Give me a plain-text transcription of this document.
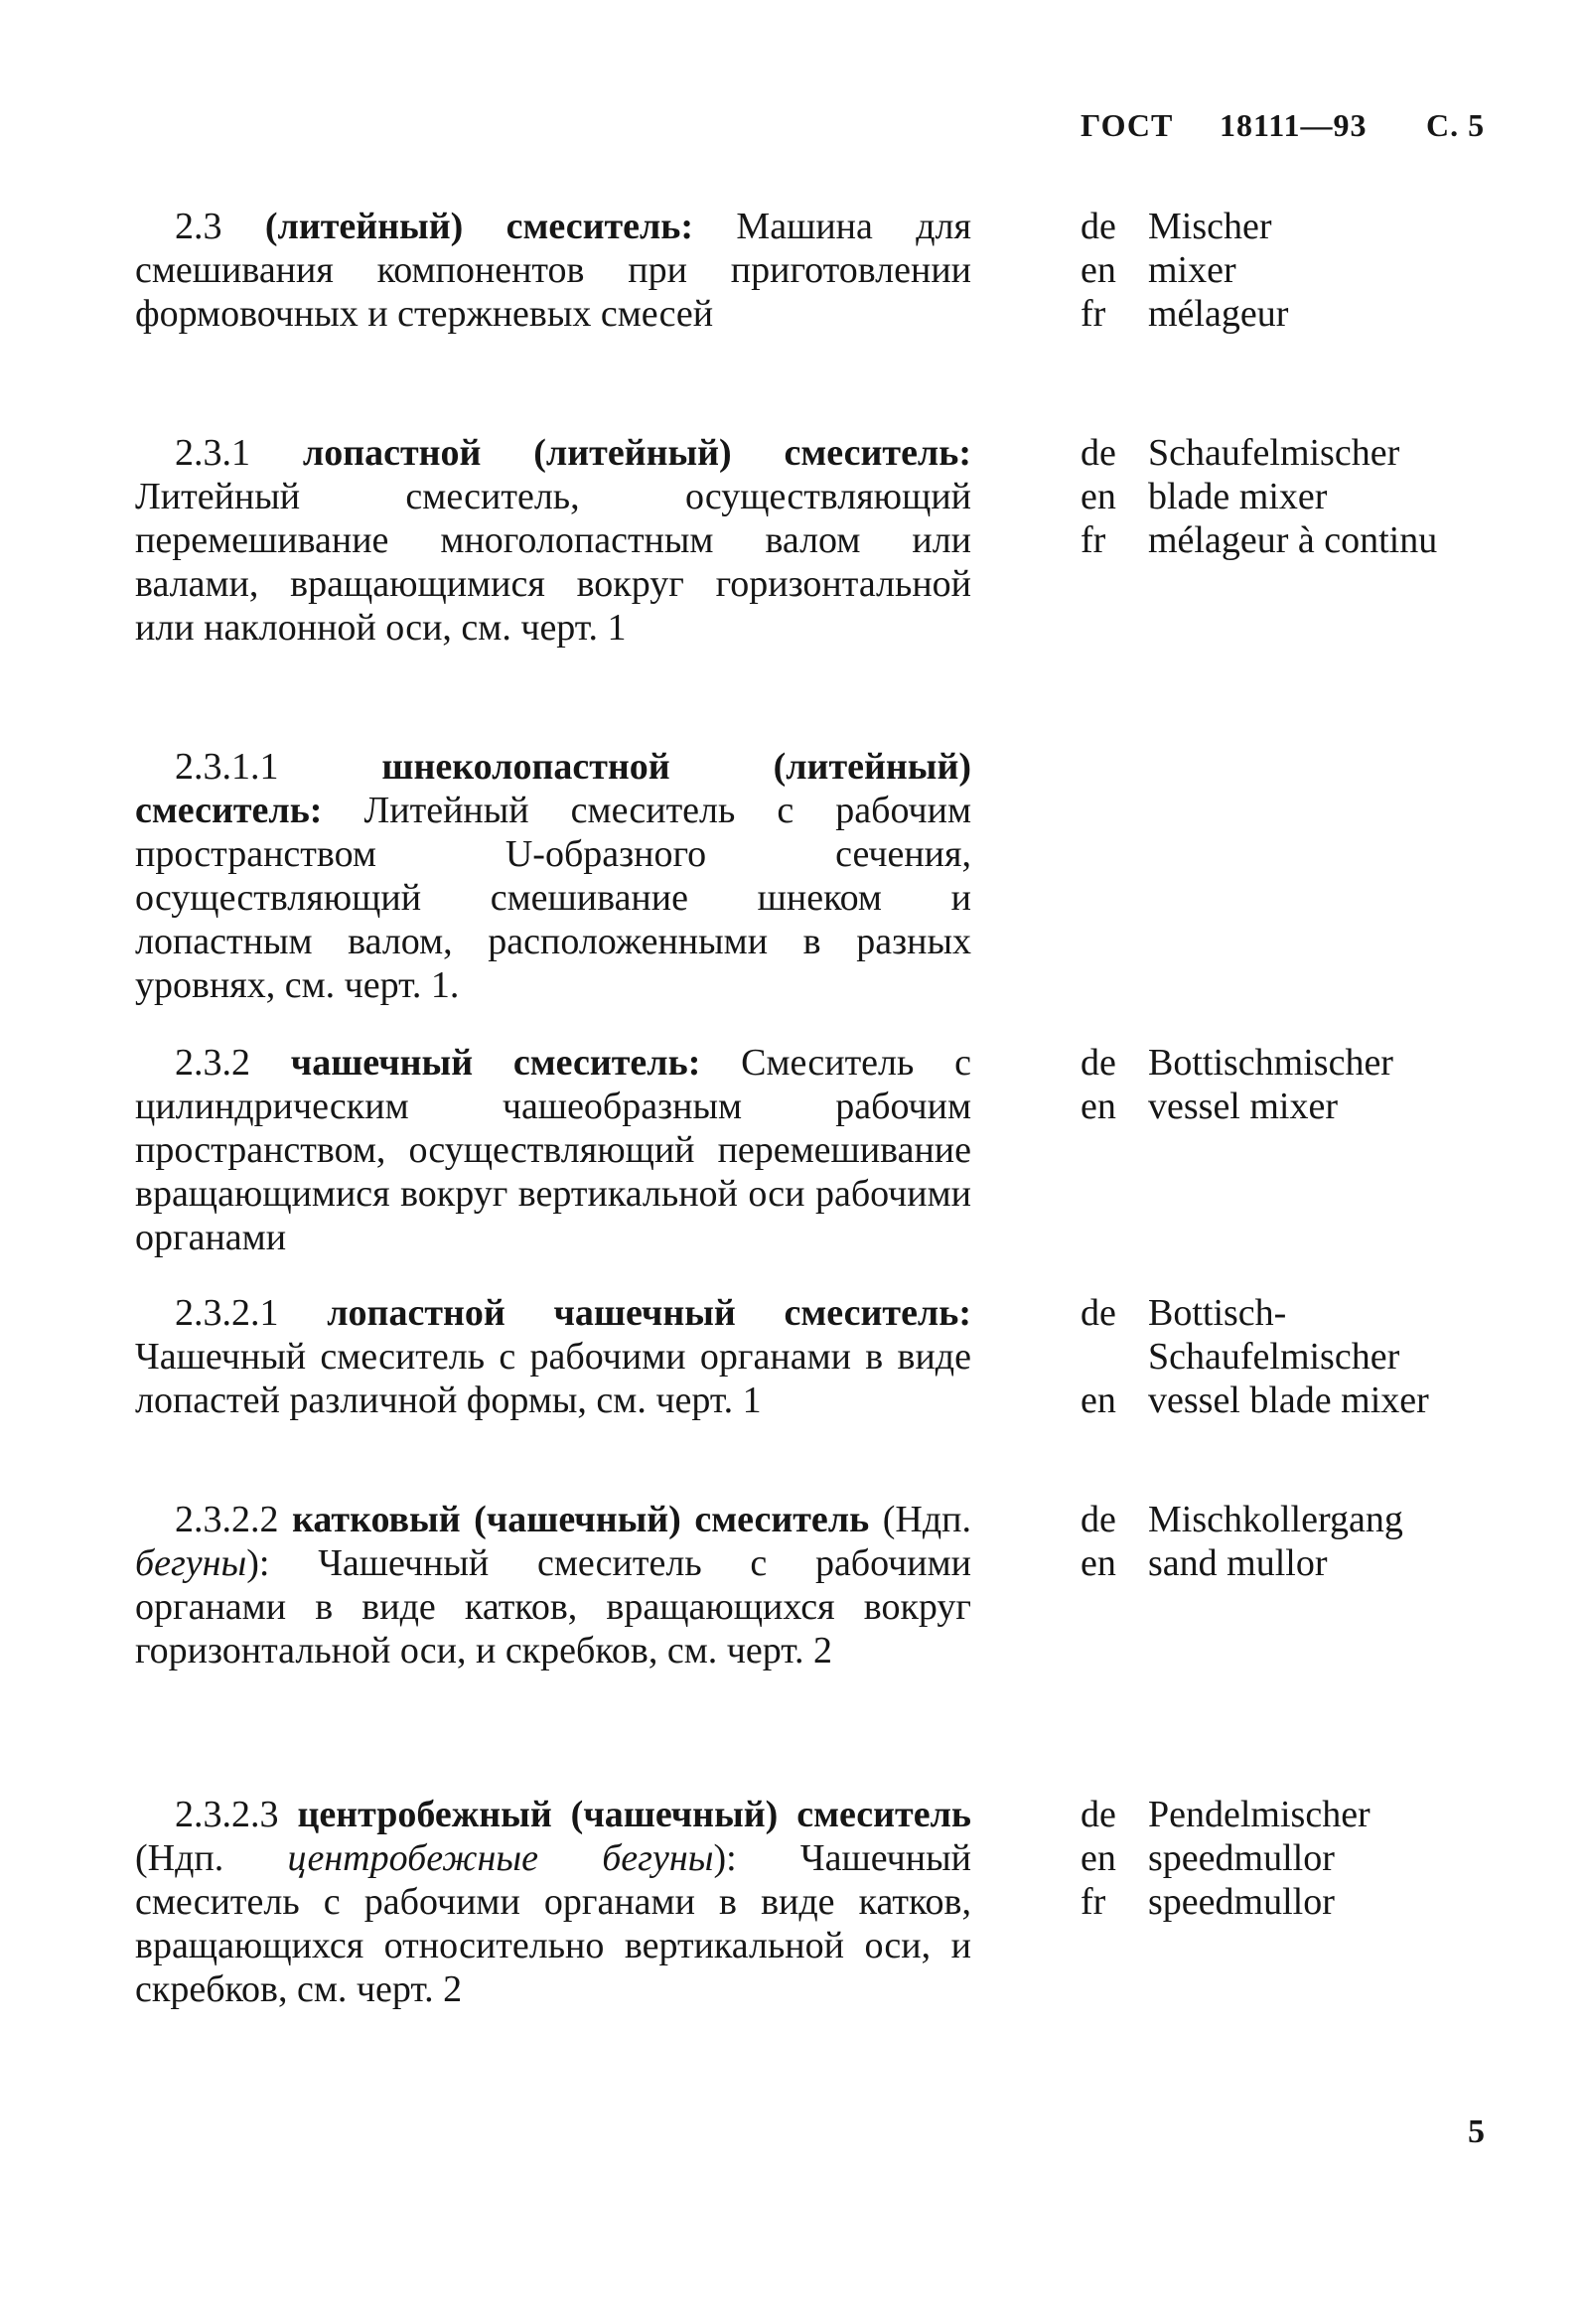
ГОСТ 18111—93 С. 5
2.3 (литейный) смеситель: Машина для смешивания компонентов при приготовлении формовочных и стержневых смесей
de Mischer
en mixer
fr	mélageur
2.3.1 лопастной (литейный) смеситель: Литейный смеситель, осуществляющий перемешивание многолопастным валом или валами, вращающимися вокруг горизонтальной или наклонной оси, см. черт. 1
de Schaufelmischer
en blade mixer
fr	mélageur à continu
2.3.1.1	шнеколопастной (литейный) смеситель: Литейный смеситель с рабочим пространством U-образного сечения, осуществляющий смешивание шнеком и лопастным валом, расположенными в разных уровнях, см. черт. 1.
2.3.2 чашечный смеситель: Смеситель с цилиндрическим чашеобразным рабочим пространством, осуществляющий перемешивание вращающимися вокруг вертикальной оси рабочими органами
de Bottischmischer
en vessel mixer
2.3.2.1 лопастной чашечный смеситель: Чашечный смеситель с рабочими органами в виде лопастей различной формы, см. черт. 1
de Bottisch-Schaufelmischer
en vessel blade mixer
2.3.2.2 катковый (чашечный) смеситель (Ндп. бегуны): Чашечный смеситель с рабочими органами в виде катков, вращающихся вокруг горизонтальной оси, и скребков, см. черт. 2
de Mischkollergang
en sand mullor
2.3.2.3 центробежный (чашечный) смеситель (Ндп. центробежные бегуны): Чашечный смеситель с рабочими органами в виде катков, вращающихся относительно вертикальной оси, и скребков, см. черт. 2
de Pendelmischer
en speedmullor
fr	speedmullor
5
